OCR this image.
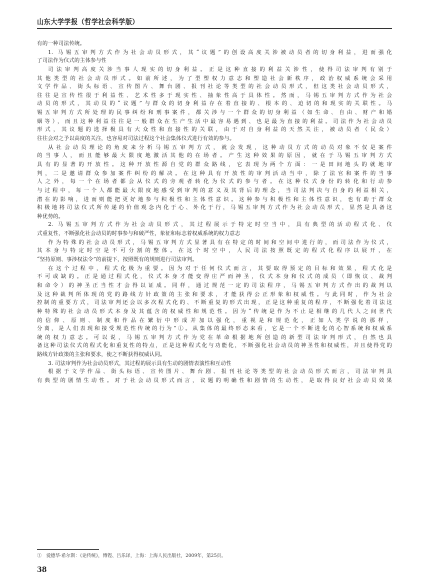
山东大学学报（哲学社会科学版）
有的一种司法传统。
1. 马锡五审判方式作为社会动员形式，其“议题”的创设高度关涉被动员者的切身利益，进而强化
了司法作为仪式的主体参与性
司法审判高度关涉当事人现实的切身利益。正是这种直接的利益关涉性，使得司法审判有别于
其他类型的社会动员形式。如前所述，为了型塑权力意志和塑造社会新秩序，政治权威系统会采用
文学作品、街头标语、宣传图片、舞台剧、报刊社论等类型的社会动员形式，但这类社会动员形式，
往往是宣传性很于利益性、艺术性多于现实性、抽象性高于具体性。然而，马锡五审判方式作为社会
动员的形式，其动员的“议题”与群众的切身利益存在着直接的、根本的、迫切的和现实的关联性。马
锡五审判方式所处理的民事纠纷和刑事案件，都关涉与一个群众的切身利益（如生命、自由、财产和婚
姻等），而且这种利益往往是一般群众在生产生活中最容易遇到、也是最为直接的利益。司法作为社会动员
形式，其议题的选择极具有大众性和直接性的关联，由于对自身利益的天然关注，被动员者（民众）
往往会对之予以高度的关注，也容易对司法过程这个社会集体仪式进行有效的参与。
从社会动员理论的角度来分析马锡五审判方式，就会发现，这种动员方式的动员对象不仅是案件
的当事人，而且能够最大限度地激活其他的在场者。产生这种效果的原因，就在于马锡五审判方式
具有的显著的开放性。这种开放性源自党的群众路线，它表现为两个方面：一是田间地头的就地审
判，二是邀请群众参加案件纠纷的解决。在这种具有开放性的审判活动当中，除了法官和案件的当事
人之外，每一个在场者都会从仪式的旁观者转化为仪式的参与者。在这种仪式身份的转化和行动参
与过程中，每一个人都能最大限度地感受到审判的意义及其背后的理念，当司法判决与自身的利益相关，
潜在的影响，进而则能把更好地参与积极性和主体性意识。这种参与积极性和主体性意识，也有助于群众
积极地将司法仪式所传递的价值观念内化于心、外化于行，马锡五审判方式作为社会动员形式，显然是具备这
种优势的。
2. 马锡五审判方式作为社会动员形式，其过程展示于特定时空当中，具有典型的活动程式化、仪
式重复性，不断强化社会动员的时事参与和破严性，象征和标志着权威系统的权力意志
作为特殊的社会动员形式，马锡五审判方式显著具有在特定的时间和空间中进行的，而司法作为仪式，
其本身与特定时空是不可分割的整体。在这个时空中，人民司法按照既定的程式化程序以展开，在
“坚持原则、事涉权法令”的前提下，按照既有的规则进行司法审判。
在这个过程中，程式化极为重要。因为对于任何仪式而言，其要取得预定的目标和效果，程式化是
不可或缺的。正是通过程式化，仪式本身才能变得庄严而神圣，仪式本身和仪式的成员（即恢议、裁判
和命令）的神圣正当性才会得以证成。同样，通过规范一定的司法程序，马锡五审判方式作出的裁判以
及这种裁判所体现的党的路线方针政策的主张和要求，才能获得公正形象和权威性。与此同时，作为社会
控制的重要方式，司法审判还会以多次程式化的、不断重复的形式出现，正是这种重复的程序，不断强化着司法这
种特殊的社会动员形式本身及其蕴含的权威性和规范性。因为“传统是作为不止是相继的几代人之间世代
的信仰、原则、制度和作品在繁衍中形成并加以强化，重视是和规范化，正如人类学说的那样，
分离，是人们表现和接受规范性传统的行为”①。从集体的最终形态来看，它是一个不断进化的心智系统和权威系
统的权力意志。可以说，马锡五审判方式作为党在革命根据地所创造的新型司法审判形式，自然也具
备这种司法仪式的程式化和重复性的特点，正是这种程式化与功能化，不断强化社会动员的神圣性和权威性，并且使得党的
路线方针政策的主张和要求，使之不断获得权威认同。
3. 司法审判作为社会动员形式，其过程的展示具有生动的剧情表演性和互动性
根据于文学作品、街头标语、宣传图片、舞台剧、报刊社论等类型的社会动员形式而言，司法审判具
有典型的剧情生动性。对于社会动员形式而言，议题的明确性和剧情的生动性，是取得良好社会动员效果
①　爱德华·希尔斯：《论传统》，傅铿、吕乐译，上海：上海人民出版社，2009年，第25页。
38
